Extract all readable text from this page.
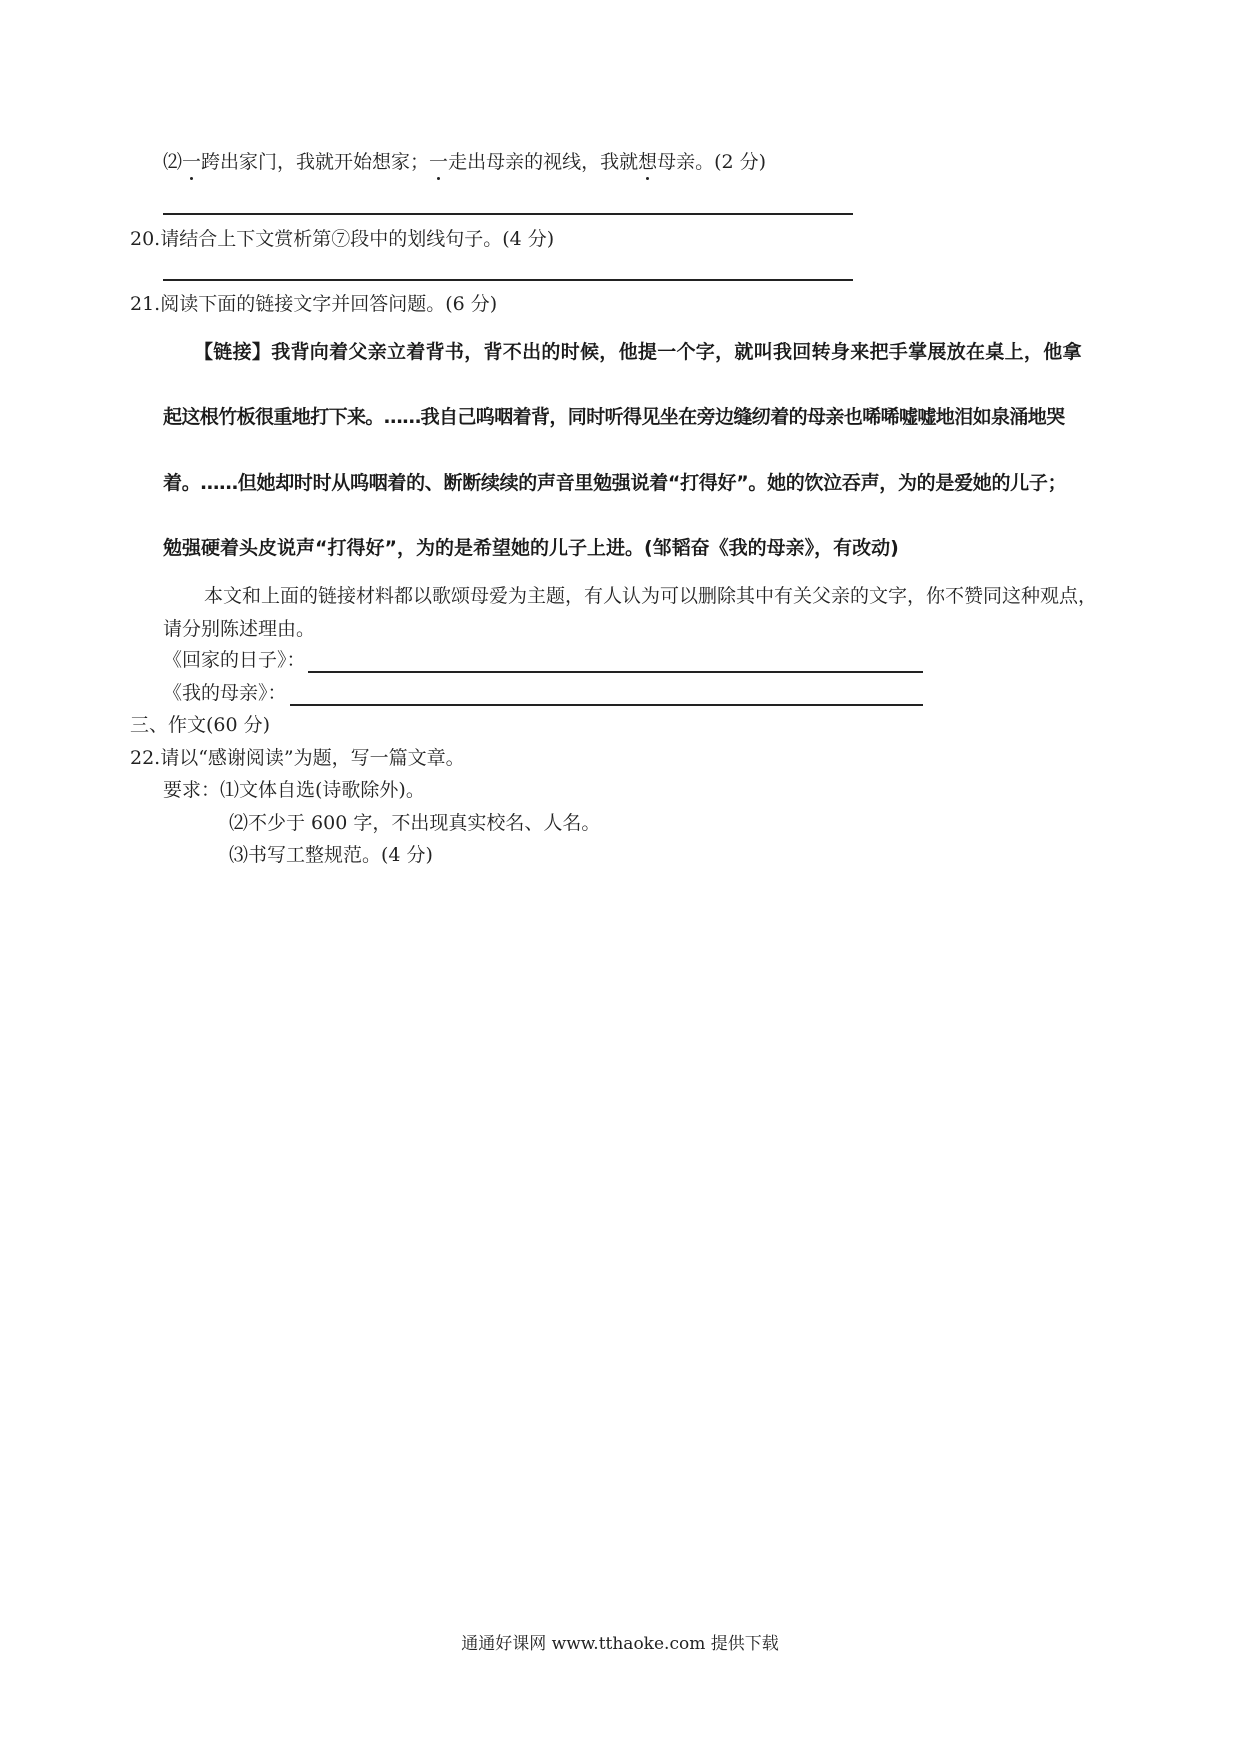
⑵一跨出家门，我就开始想家；一走出母亲的视线，我就想母亲。(2 分)
20.请结合上下文赏析第⑦段中的划线句子。(4 分)
21.阅读下面的链接文字并回答问题。(6 分)
【链接】我背向着父亲立着背书，背不出的时候，他提一个字，就叫我回转身来把手掌展放在桌上，他拿
起这根竹板很重地打下来。……我自己呜咽着背，同时听得见坐在旁边缝纫着的母亲也唏唏嘘嘘地泪如泉涌地哭
着。……但她却时时从呜咽着的、断断续续的声音里勉强说着“打得好”。她的饮泣吞声，为的是爱她的儿子；
勉强硬着头皮说声“打得好”，为的是希望她的儿子上进。(邹韬奋《我的母亲》，有改动)
本文和上面的链接材料都以歌颂母爱为主题，有人认为可以删除其中有关父亲的文字，你不赞同这种观点，
请分别陈述理由。
《回家的日子》：
《我的母亲》：
三、作文(60 分)
22.请以“感谢阅读”为题，写一篇文章。
要求：⑴文体自选(诗歌除外)。
⑵不少于 600 字，不出现真实校名、人名。
⑶书写工整规范。(4 分)
通通好课网 www.tthaoke.com 提供下载
